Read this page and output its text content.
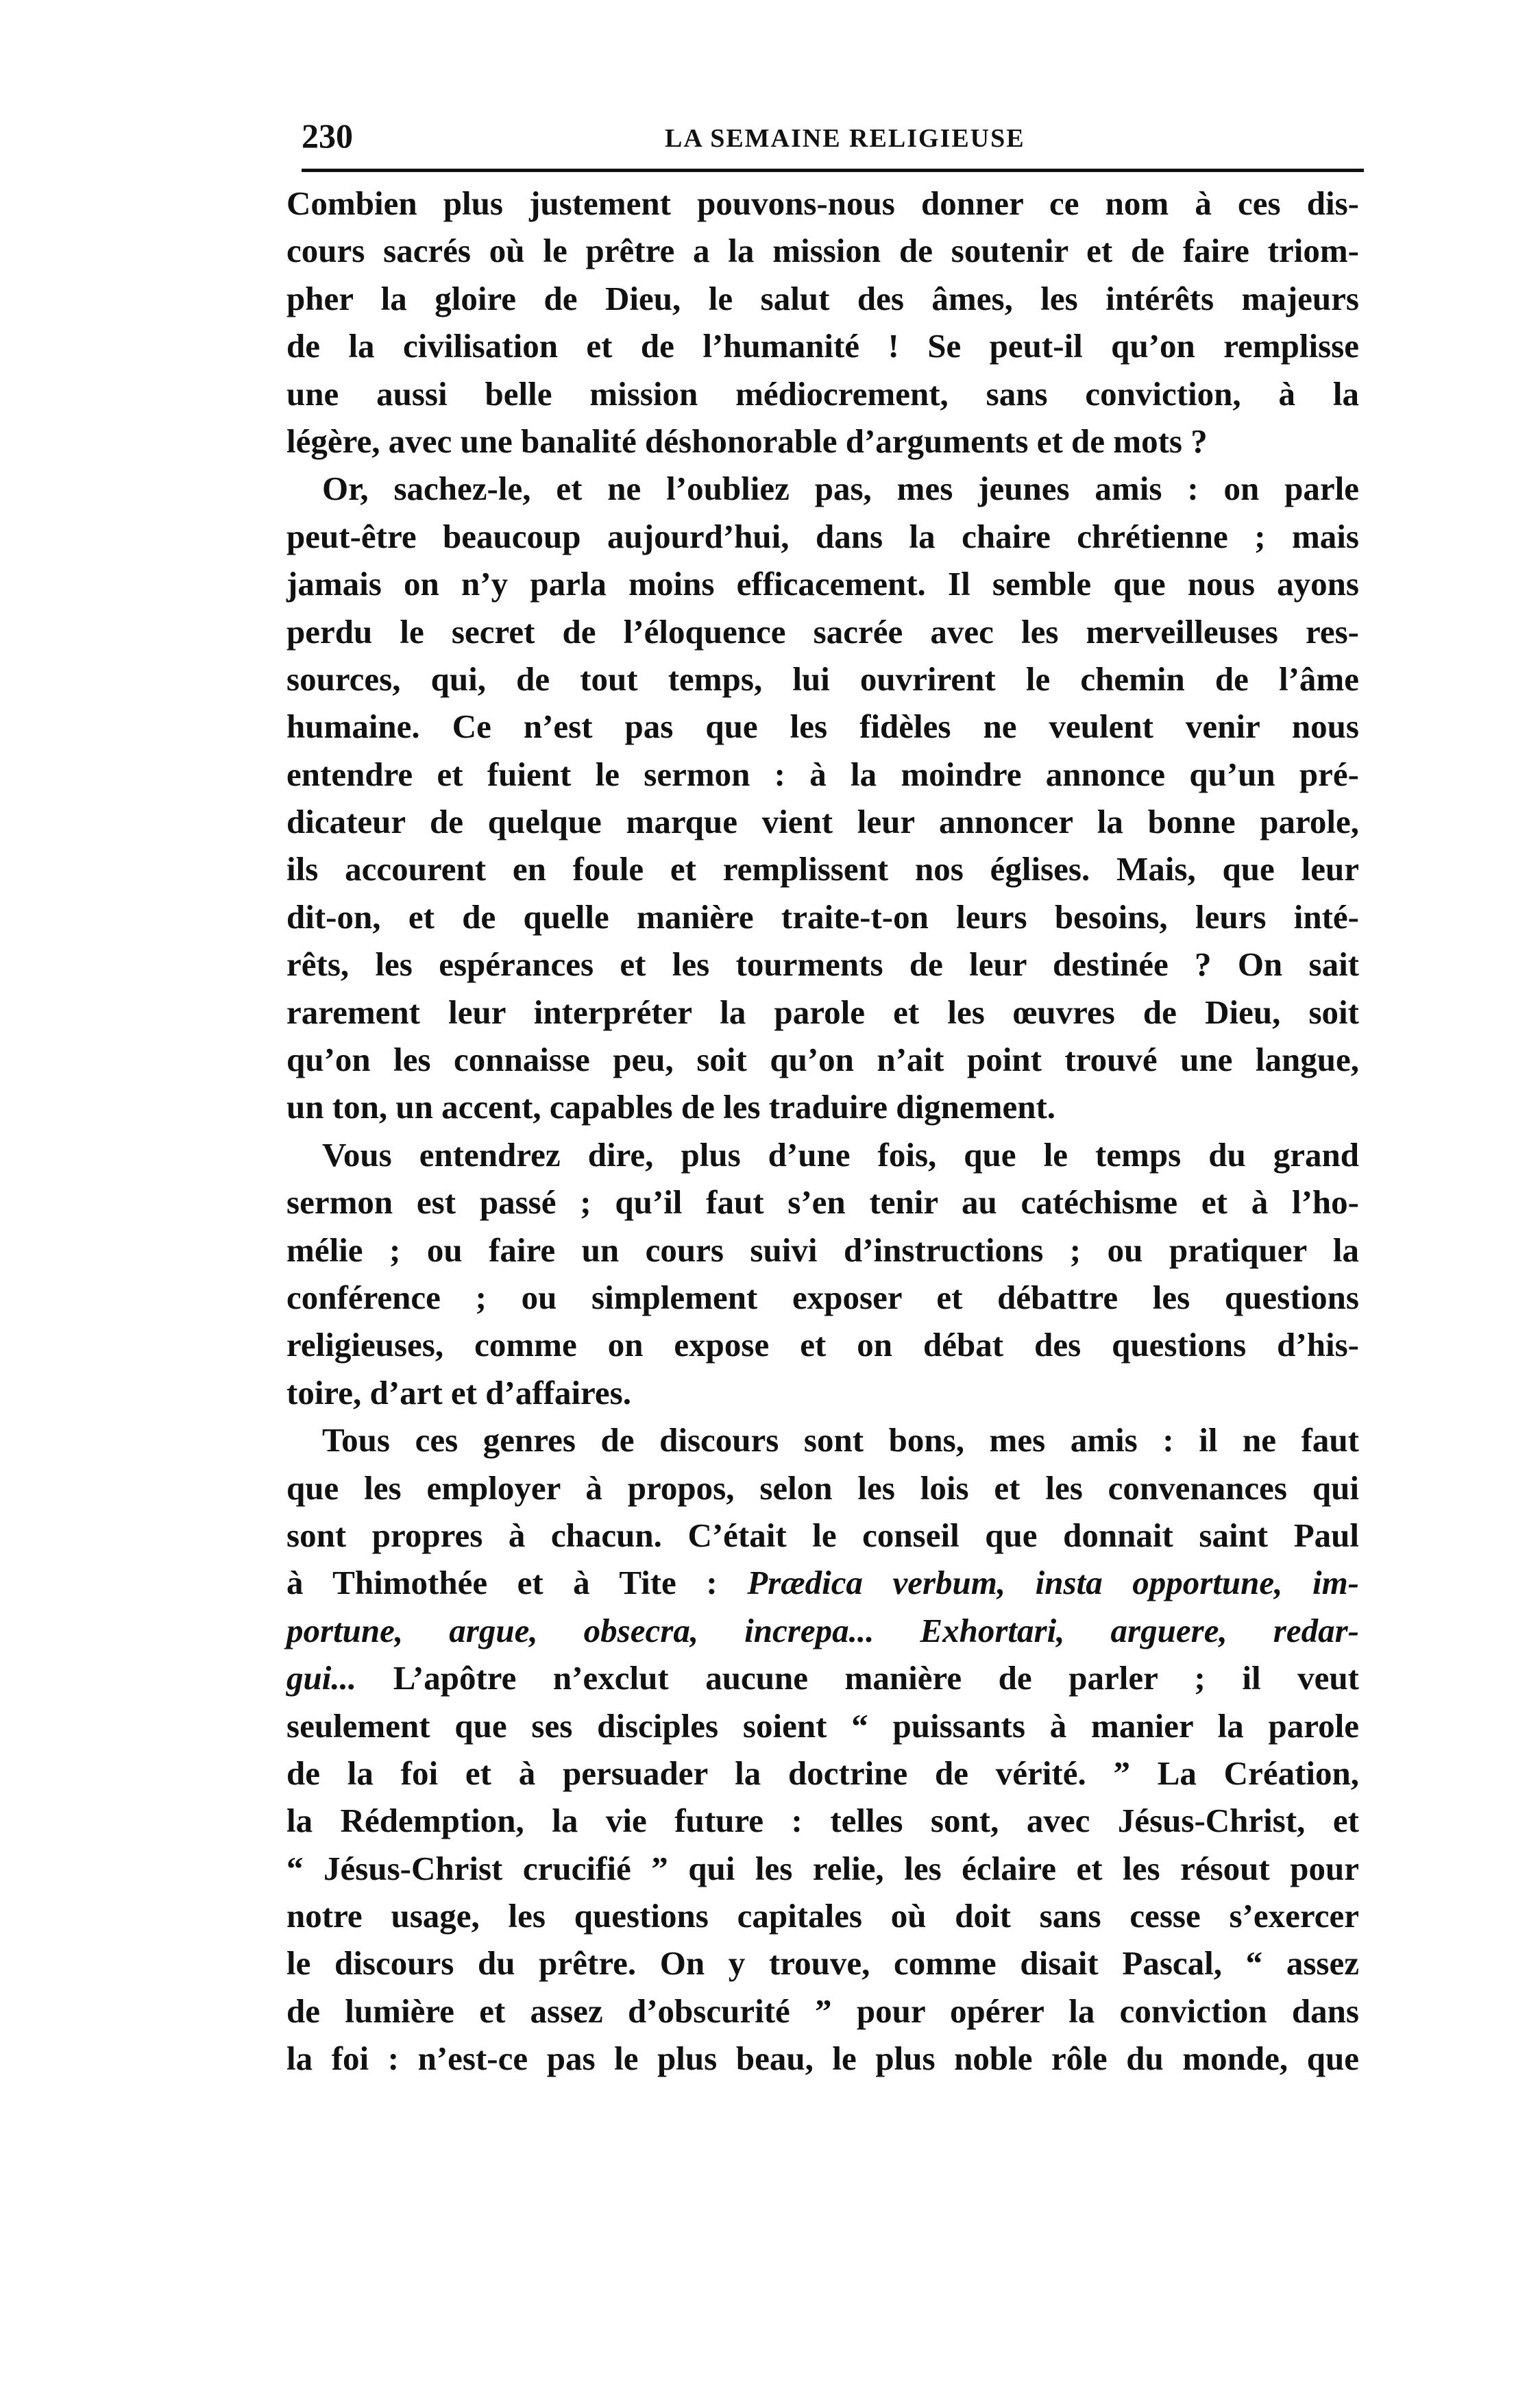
230	LA SEMAINE RELIGIEUSE
Combien plus justement pouvons-nous donner ce nom à ces dis-
cours sacrés où le prêtre a la mission de soutenir et de faire triom-
pher la gloire de Dieu, le salut des âmes, les intérêts majeurs
de la civilisation et de l’humanité ! Se peut-il qu’on remplisse
une aussi belle mission médiocrement, sans conviction, à la
légère, avec une banalité déshonorable d’arguments et de mots ?
Or, sachez-le, et ne l’oubliez pas, mes jeunes amis : on parle
peut-être beaucoup aujourd’hui, dans la chaire chrétienne ; mais
jamais on n’y parla moins efficacement. Il semble que nous ayons
perdu le secret de l’éloquence sacrée avec les merveilleuses res-
sources, qui, de tout temps, lui ouvrirent le chemin de l’âme
humaine. Ce n’est pas que les fidèles ne veulent venir nous
entendre et fuient le sermon : à la moindre annonce qu’un pré-
dicateur de quelque marque vient leur annoncer la bonne parole,
ils accourent en foule et remplissent nos églises. Mais, que leur
dit-on, et de quelle manière traite-t-on leurs besoins, leurs inté-
rêts, les espérances et les tourments de leur destinée ? On sait
rarement leur interpréter la parole et les œuvres de Dieu, soit
qu’on les connaisse peu, soit qu’on n’ait point trouvé une langue,
un ton, un accent, capables de les traduire dignement.
Vous entendrez dire, plus d’une fois, que le temps du grand
sermon est passé ; qu’il faut s’en tenir au catéchisme et à l’ho-
mélie ; ou faire un cours suivi d’instructions ; ou pratiquer la
conférence ; ou simplement exposer et débattre les questions
religieuses, comme on expose et on débat des questions d’his-
toire, d’art et d’affaires.
Tous ces genres de discours sont bons, mes amis : il ne faut
que les employer à propos, selon les lois et les convenances qui
sont propres à chacun. C’était le conseil que donnait saint Paul
à Thimothée et à Tite : Prædica verbum, insta opportune, im-
portune, argue, obsecra, increpa... Exhortari, arguere, redar-
gui... L’apôtre n’exclut aucune manière de parler ; il veut
seulement que ses disciples soient “ puissants à manier la parole
de la foi et à persuader la doctrine de vérité. ” La Création,
la Rédemption, la vie future : telles sont, avec Jésus-Christ, et
“ Jésus-Christ crucifié ” qui les relie, les éclaire et les résout pour
notre usage, les questions capitales où doit sans cesse s’exercer
le discours du prêtre. On y trouve, comme disait Pascal, “ assez
de lumière et assez d’obscurité ” pour opérer la conviction dans
la foi : n’est-ce pas le plus beau, le plus noble rôle du monde, que
